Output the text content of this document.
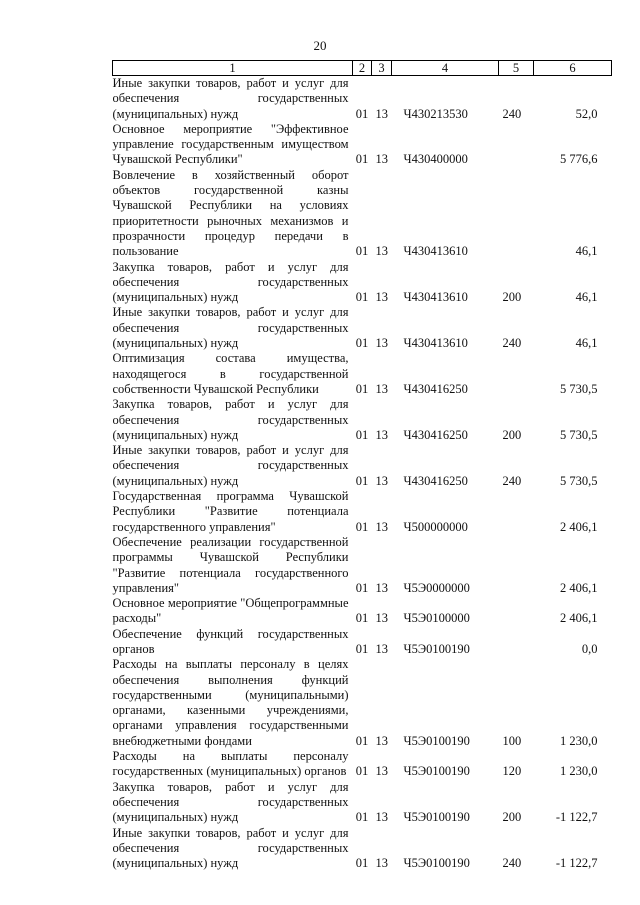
20
1	2	3	4	5	6
Иные закупки товаров, работ и услуг для обеспечения государственных (муниципальных) нужд	01	13	Ч430213530	240	52,0
Основное мероприятие "Эффективное управление государственным имуществом Чувашской Республики"	01	13	Ч430400000		5 776,6
Вовлечение в хозяйственный оборот объектов государственной казны Чувашской Республики на условиях приоритетности рыночных механизмов и прозрачности процедур передачи в пользование	01	13	Ч430413610		46,1
Закупка товаров, работ и услуг для обеспечения государственных (муниципальных) нужд	01	13	Ч430413610	200	46,1
Иные закупки товаров, работ и услуг для обеспечения государственных (муниципальных) нужд	01	13	Ч430413610	240	46,1
Оптимизация состава имущества, находящегося в государственной собственности Чувашской Республики	01	13	Ч430416250		5 730,5
Закупка товаров, работ и услуг для обеспечения государственных (муниципальных) нужд	01	13	Ч430416250	200	5 730,5
Иные закупки товаров, работ и услуг для обеспечения государственных (муниципальных) нужд	01	13	Ч430416250	240	5 730,5
Государственная программа Чувашской Республики "Развитие потенциала государственного управления"	01	13	Ч500000000		2 406,1
Обеспечение реализации государственной программы Чувашской Республики "Развитие потенциала государственного управления"	01	13	Ч5Э0000000		2 406,1
Основное мероприятие "Общепрограммные расходы"	01	13	Ч5Э0100000		2 406,1
Обеспечение функций государственных органов	01	13	Ч5Э0100190		0,0
Расходы на выплаты персоналу в целях обеспечения выполнения функций государственными (муниципальными) органами, казенными учреждениями, органами управления государственными внебюджетными фондами	01	13	Ч5Э0100190	100	1 230,0
Расходы на выплаты персоналу государственных (муниципальных) органов	01	13	Ч5Э0100190	120	1 230,0
Закупка товаров, работ и услуг для обеспечения государственных (муниципальных) нужд	01	13	Ч5Э0100190	200	-1 122,7
Иные закупки товаров, работ и услуг для обеспечения государственных (муниципальных) нужд	01	13	Ч5Э0100190	240	-1 122,7
